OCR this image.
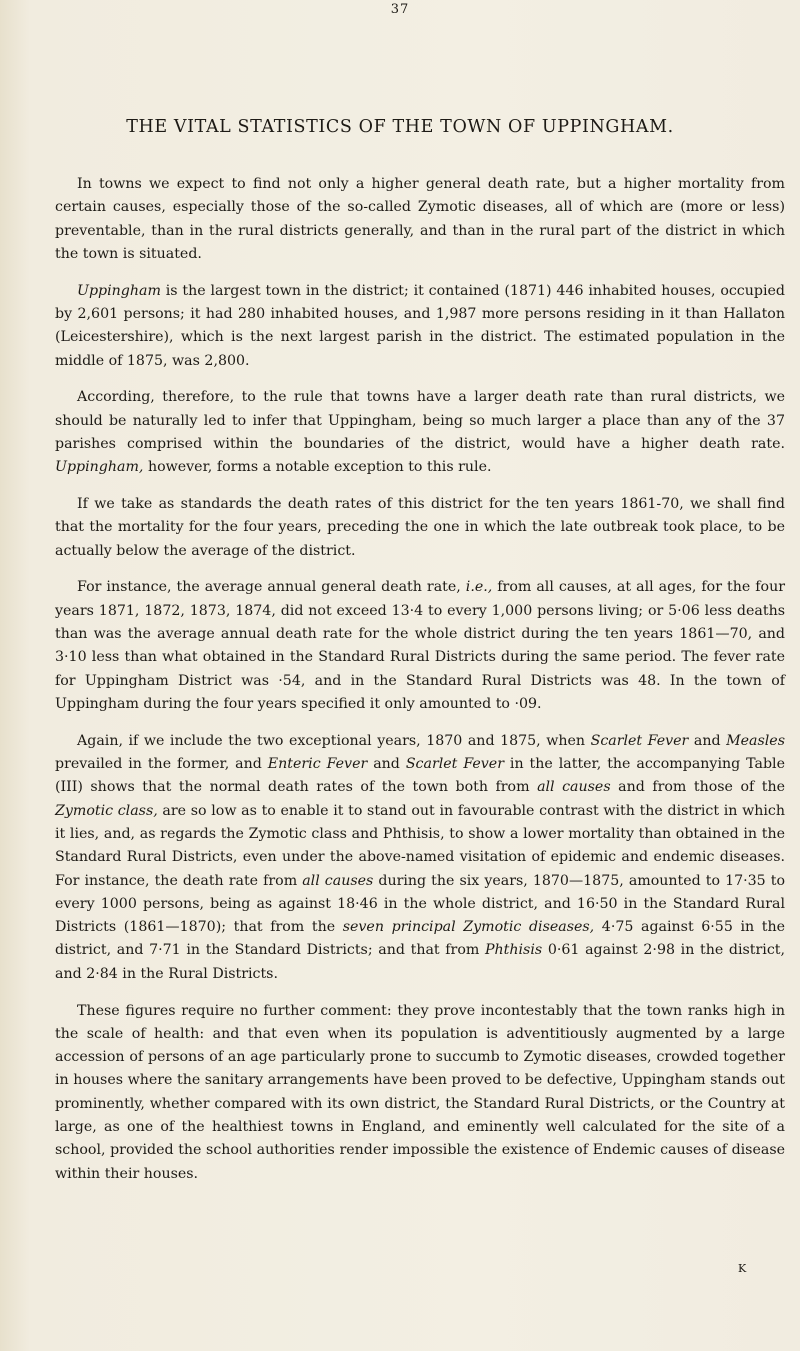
37
THE VITAL STATISTICS OF THE TOWN OF UPPINGHAM.

In towns we expect to find not only a higher general death rate, but a higher mortality from certain causes, especially those of the so-called Zymotic diseases, all of which are (more or less) preventable, than in the rural districts generally, and than in the rural part of the district in which the town is situated.

Uppingham is the largest town in the district; it contained (1871) 446 inhabited houses, occupied by 2,601 persons; it had 280 inhabited houses, and 1,987 more persons residing in it than Hallaton (Leicestershire), which is the next largest parish in the district. The estimated population in the middle of 1875, was 2,800.

According, therefore, to the rule that towns have a larger death rate than rural districts, we should be naturally led to infer that Uppingham, being so much larger a place than any of the 37 parishes comprised within the boundaries of the district, would have a higher death rate. Uppingham, however, forms a notable exception to this rule.

If we take as standards the death rates of this district for the ten years 1861-70, we shall find that the mortality for the four years, preceding the one in which the late outbreak took place, to be actually below the average of the district.

For instance, the average annual general death rate, i.e., from all causes, at all ages, for the four years 1871, 1872, 1873, 1874, did not exceed 13·4 to every 1,000 persons living; or 5·06 less deaths than was the average annual death rate for the whole district during the ten years 1861—70, and 3·10 less than what obtained in the Standard Rural Districts during the same period. The fever rate for Uppingham District was ·54, and in the Standard Rural Districts was 48. In the town of Uppingham during the four years specified it only amounted to ·09.

Again, if we include the two exceptional years, 1870 and 1875, when Scarlet Fever and Measles prevailed in the former, and Enteric Fever and Scarlet Fever in the latter, the accompanying Table (III) shows that the normal death rates of the town both from all causes and from those of the Zymotic class, are so low as to enable it to stand out in favourable contrast with the district in which it lies, and, as regards the Zymotic class and Phthisis, to show a lower mortality than obtained in the Standard Rural Districts, even under the above-named visitation of epidemic and endemic diseases. For instance, the death rate from all causes during the six years, 1870—1875, amounted to 17·35 to every 1000 persons, being as against 18·46 in the whole district, and 16·50 in the Standard Rural Districts (1861—1870); that from the seven principal Zymotic diseases, 4·75 against 6·55 in the district, and 7·71 in the Standard Districts; and that from Phthisis 0·61 against 2·98 in the district, and 2·84 in the Rural Districts.

These figures require no further comment: they prove incontestably that the town ranks high in the scale of health: and that even when its population is adventitiously augmented by a large accession of persons of an age particularly prone to succumb to Zymotic diseases, crowded together in houses where the sanitary arrangements have been proved to be defective, Uppingham stands out prominently, whether compared with its own district, the Standard Rural Districts, or the Country at large, as one of the healthiest towns in England, and eminently well calculated for the site of a school, provided the school authorities render impossible the existence of Endemic causes of disease within their houses.

K
